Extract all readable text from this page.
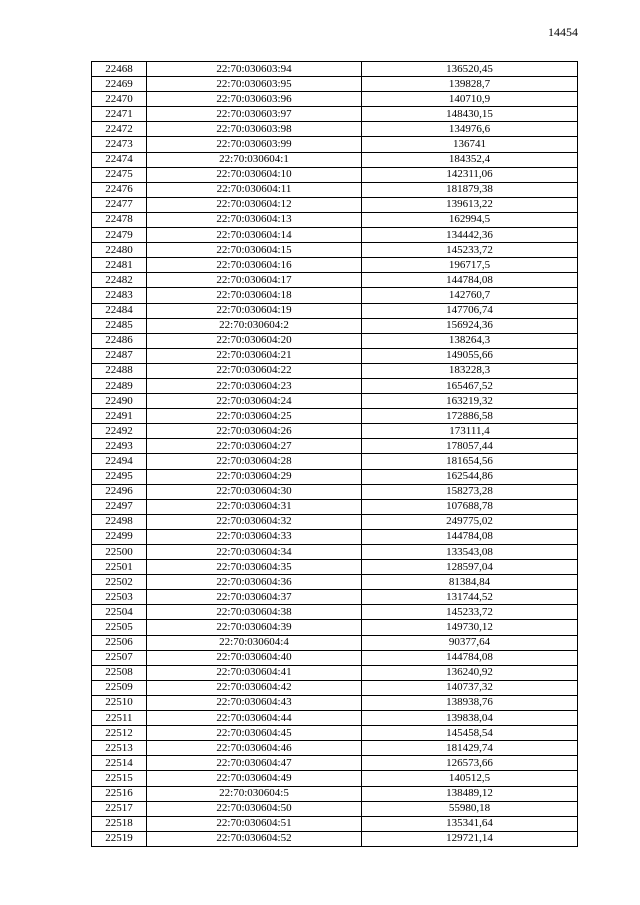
14454
22468	22:70:030603:94	136520,45
22469	22:70:030603:95	139828,7
22470	22:70:030603:96	140710,9
22471	22:70:030603:97	148430,15
22472	22:70:030603:98	134976,6
22473	22:70:030603:99	136741
22474	22:70:030604:1	184352,4
22475	22:70:030604:10	142311,06
22476	22:70:030604:11	181879,38
22477	22:70:030604:12	139613,22
22478	22:70:030604:13	162994,5
22479	22:70:030604:14	134442,36
22480	22:70:030604:15	145233,72
22481	22:70:030604:16	196717,5
22482	22:70:030604:17	144784,08
22483	22:70:030604:18	142760,7
22484	22:70:030604:19	147706,74
22485	22:70:030604:2	156924,36
22486	22:70:030604:20	138264,3
22487	22:70:030604:21	149055,66
22488	22:70:030604:22	183228,3
22489	22:70:030604:23	165467,52
22490	22:70:030604:24	163219,32
22491	22:70:030604:25	172886,58
22492	22:70:030604:26	173111,4
22493	22:70:030604:27	178057,44
22494	22:70:030604:28	181654,56
22495	22:70:030604:29	162544,86
22496	22:70:030604:30	158273,28
22497	22:70:030604:31	107688,78
22498	22:70:030604:32	249775,02
22499	22:70:030604:33	144784,08
22500	22:70:030604:34	133543,08
22501	22:70:030604:35	128597,04
22502	22:70:030604:36	81384,84
22503	22:70:030604:37	131744,52
22504	22:70:030604:38	145233,72
22505	22:70:030604:39	149730,12
22506	22:70:030604:4	90377,64
22507	22:70:030604:40	144784,08
22508	22:70:030604:41	136240,92
22509	22:70:030604:42	140737,32
22510	22:70:030604:43	138938,76
22511	22:70:030604:44	139838,04
22512	22:70:030604:45	145458,54
22513	22:70:030604:46	181429,74
22514	22:70:030604:47	126573,66
22515	22:70:030604:49	140512,5
22516	22:70:030604:5	138489,12
22517	22:70:030604:50	55980,18
22518	22:70:030604:51	135341,64
22519	22:70:030604:52	129721,14
